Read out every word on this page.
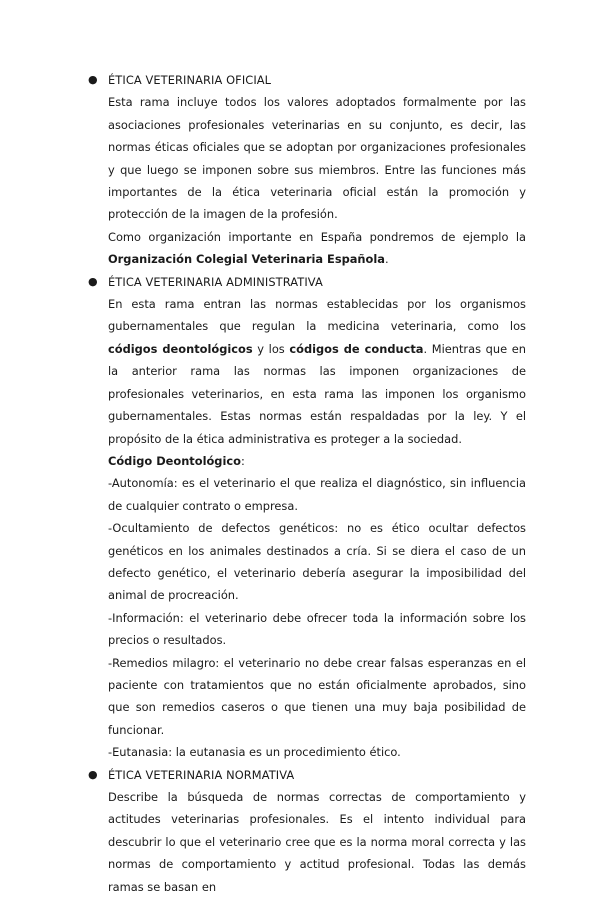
● ÉTICA VETERINARIA OFICIAL

Esta rama incluye todos los valores adoptados formalmente por las asociaciones profesionales veterinarias en su conjunto, es decir, las normas éticas oficiales que se adoptan por organizaciones profesionales y que luego se imponen sobre sus miembros. Entre las funciones más importantes de la ética veterinaria oficial están la promoción y protección de la imagen de la profesión.

Como organización importante en España pondremos de ejemplo la Organización Colegial Veterinaria Española.

● ÉTICA VETERINARIA ADMINISTRATIVA

En esta rama entran las normas establecidas por los organismos gubernamentales que regulan la medicina veterinaria, como los códigos deontológicos y los códigos de conducta. Mientras que en la anterior rama las normas las imponen organizaciones de profesionales veterinarios, en esta rama las imponen los organismo gubernamentales. Estas normas están respaldadas por la ley. Y el propósito de la ética administrativa es proteger a la sociedad.

Código Deontológico:

-Autonomía: es el veterinario el que realiza el diagnóstico, sin influencia de cualquier contrato o empresa.

-Ocultamiento de defectos genéticos: no es ético ocultar defectos genéticos en los animales destinados a cría. Si se diera el caso de un defecto genético, el veterinario debería asegurar la imposibilidad del animal de procreación.

-Información: el veterinario debe ofrecer toda la información sobre los precios o resultados.

-Remedios milagro: el veterinario no debe crear falsas esperanzas en el paciente con tratamientos que no están oficialmente aprobados, sino que son remedios caseros o que tienen una muy baja posibilidad de funcionar.

-Eutanasia: la eutanasia es un procedimiento ético.

● ÉTICA VETERINARIA NORMATIVA

Describe la búsqueda de normas correctas de comportamiento y actitudes veterinarias profesionales. Es el intento individual para descubrir lo que el veterinario cree que es la norma moral correcta y las normas de comportamiento y actitud profesional. Todas las demás ramas se basan en
